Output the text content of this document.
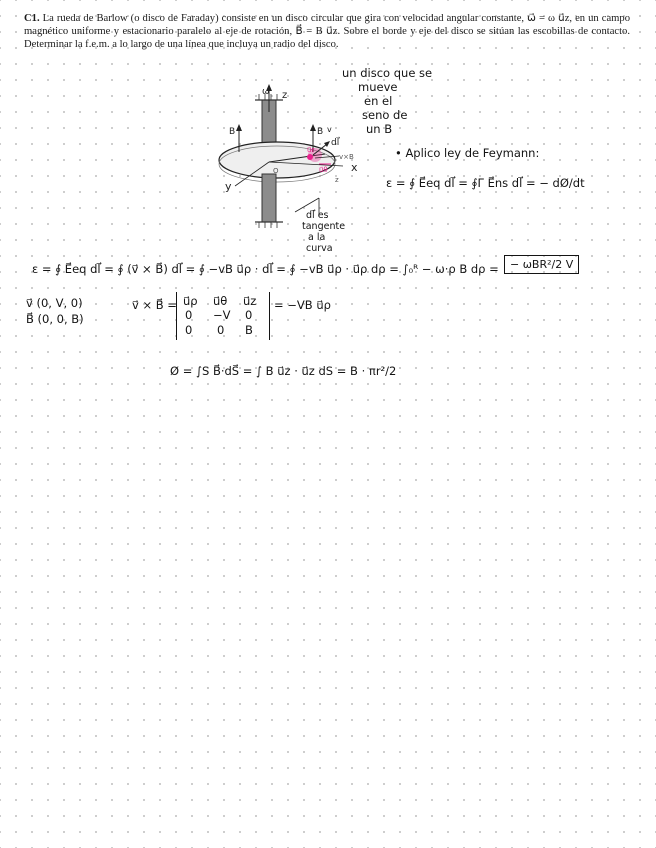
C1. La rueda de Barlow (o disco de Faraday) consiste en un disco circular que gira con velocidad angular constante, ω⃗ = ω u⃗z, en un campo magnético uniforme y estacionario paralelo al eje de rotación, B⃗ = B u⃗z. Sobre el borde y eje del disco se sitúan las escobillas de contacto. Determinar la f.e.m. a lo largo de una línea que incluya un radio del disco.

ω z
B	B v
dl⃗
v×B
u⃗r
u⃗θ x
O
z
y
un disco que se
mueve
en el
seno de
un B
• Aplico ley de Feymann:
ε = ∮ E⃗eq dl⃗ = ∮Γ E⃗ns dl⃗ = − dØ/dt
dl⃗ es
tangente
a la
curva
ε = ∮ E⃗eq dl⃗ = ∮ (v⃗ × B⃗) dl⃗ = ∮ −vB u⃗ρ · dl⃗ = ∮ −vB u⃗ρ · u⃗ρ dρ = ∫₀ᴿ − ω·ρ B dρ =	− ωBR²/2 V
v⃗ (0, V, 0)
B⃗ (0, 0, B)
v⃗ × B⃗ = u⃗ρ u⃗θ u⃗z
0 −V 0
0 0 B
= −VB u⃗ρ
Ø = ∫S B⃗·dS⃗ = ∫ B u⃗z · u⃗z dS = B · πr²/2
